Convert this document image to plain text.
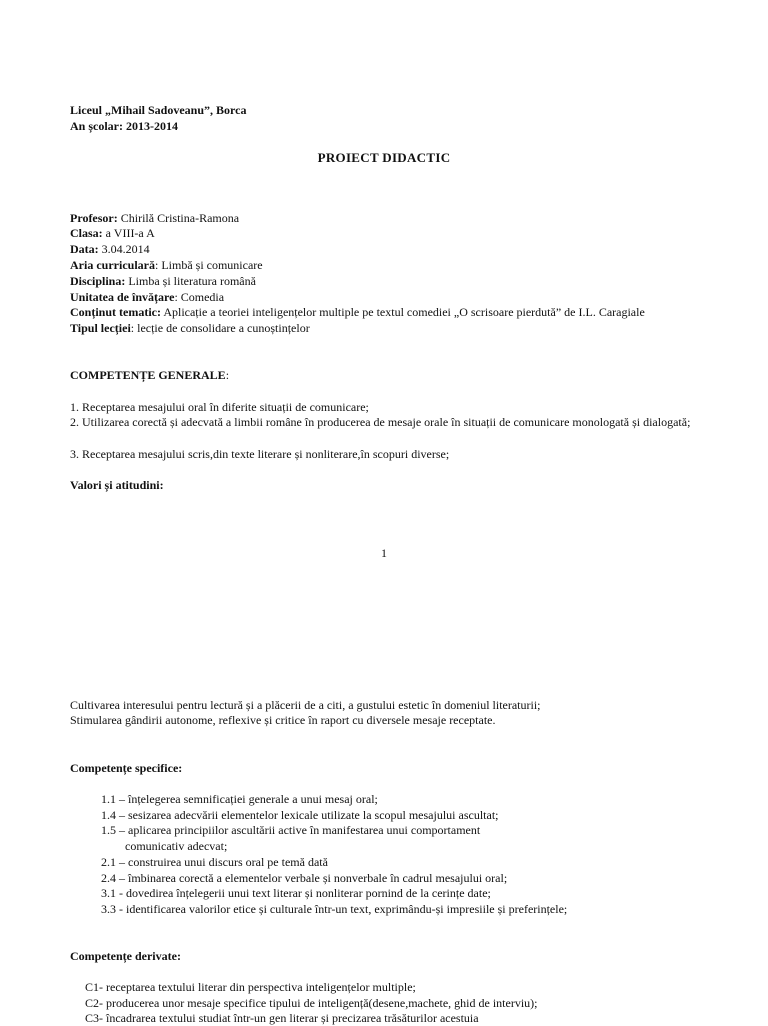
Liceul „Mihail Sadoveanu”, Borca
An școlar: 2013-2014
PROIECT DIDACTIC
Profesor: Chirilă Cristina-Ramona
Clasa: a VIII-a A
Data: 3.04.2014
Aria curriculară: Limbă și comunicare
Disciplina: Limba și literatura română
Unitatea de învățare: Comedia
Conținut tematic: Aplicație a teoriei inteligențelor multiple pe textul comediei „O scrisoare pierdută” de I.L. Caragiale
Tipul lecției: lecție de consolidare a cunoștințelor
COMPETENȚE GENERALE:
1. Receptarea mesajului oral în diferite situații de comunicare;
2. Utilizarea corectă și adecvată a limbii române în producerea de mesaje orale în situații de comunicare monologată și dialogată;
3. Receptarea mesajului scris,din texte literare și nonliterare,în scopuri diverse;
Valori și atitudini:
1
Cultivarea interesului pentru lectură și a plăcerii de a citi, a gustului estetic în domeniul literaturii;
Stimularea gândirii autonome, reflexive și critice în raport cu diversele mesaje receptate.
Competențe specifice:
1.1 – înțelegerea semnificației generale a unui mesaj oral;
1.4 – sesizarea adecvării elementelor lexicale utilizate la scopul mesajului ascultat;
1.5 – aplicarea principiilor ascultării active în manifestarea unui comportament
comunicativ adecvat;
2.1 – construirea unui discurs oral pe temă dată
2.4 – îmbinarea corectă a elementelor verbale și nonverbale în cadrul mesajului oral;
3.1 - dovedirea înțelegerii unui text literar și nonliterar pornind de la cerințe date;
3.3 - identificarea valorilor etice și culturale într-un text, exprimându-și impresiile și preferințele;
Competențe derivate:
C1- receptarea textului literar din perspectiva inteligențelor multiple;
C2- producerea unor mesaje specifice tipului de inteligență(desene,machete, ghid de interviu);
C3- încadrarea textului studiat într-un gen literar și precizarea trăsăturilor acestuia
